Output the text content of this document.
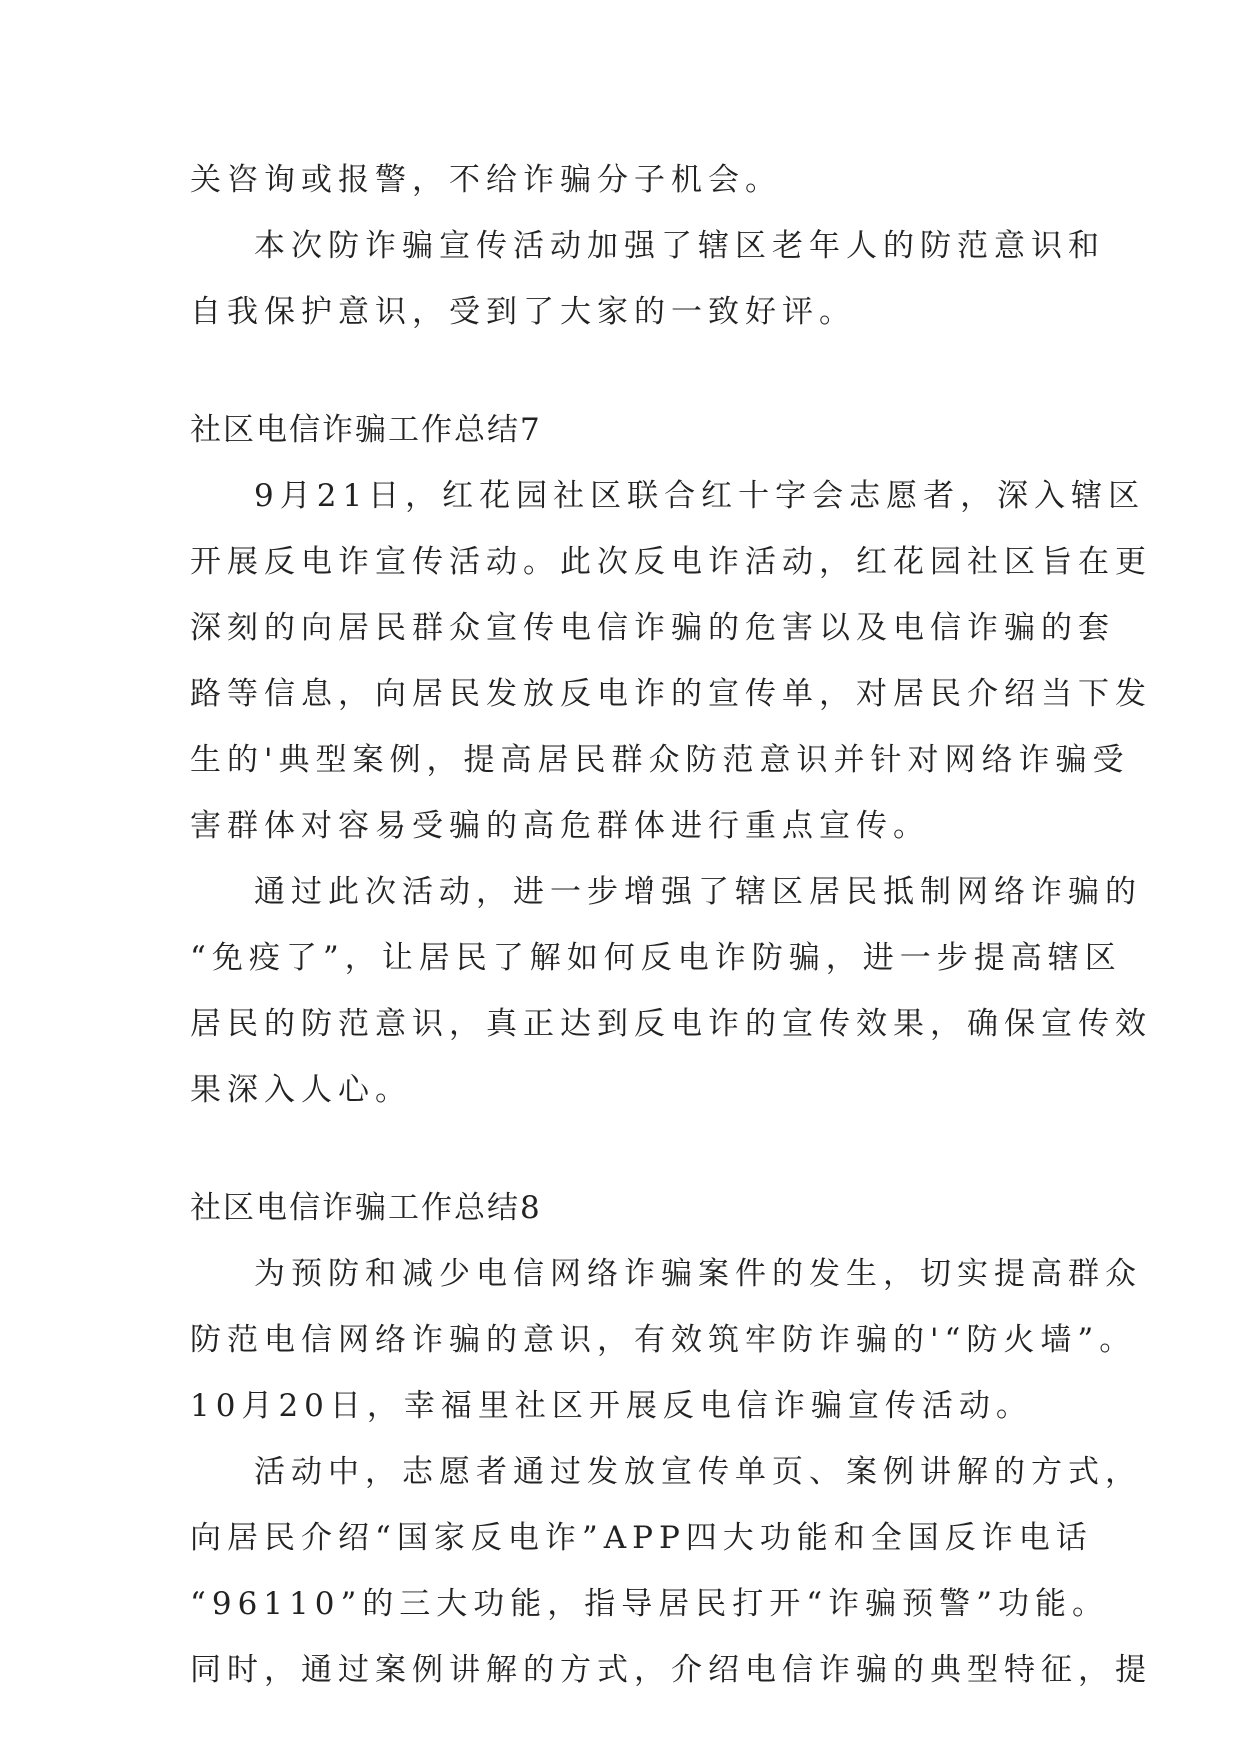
关咨询或报警，不给诈骗分子机会。
本次防诈骗宣传活动加强了辖区老年人的防范意识和
自我保护意识，受到了大家的一致好评。
社区电信诈骗工作总结7
9月21日，红花园社区联合红十字会志愿者，深入辖区
开展反电诈宣传活动。此次反电诈活动，红花园社区旨在更
深刻的向居民群众宣传电信诈骗的危害以及电信诈骗的套
路等信息，向居民发放反电诈的宣传单，对居民介绍当下发
生的'典型案例，提高居民群众防范意识并针对网络诈骗受
害群体对容易受骗的高危群体进行重点宣传。
通过此次活动，进一步增强了辖区居民抵制网络诈骗的
“免疫了”，让居民了解如何反电诈防骗，进一步提高辖区
居民的防范意识，真正达到反电诈的宣传效果，确保宣传效
果深入人心。
社区电信诈骗工作总结8
为预防和减少电信网络诈骗案件的发生，切实提高群众
防范电信网络诈骗的意识，有效筑牢防诈骗的'“防火墙”。
10月20日，幸福里社区开展反电信诈骗宣传活动。
活动中，志愿者通过发放宣传单页、案例讲解的方式，
向居民介绍“国家反电诈”APP四大功能和全国反诈电话
“96110”的三大功能，指导居民打开“诈骗预警”功能。
同时，通过案例讲解的方式，介绍电信诈骗的典型特征，提
